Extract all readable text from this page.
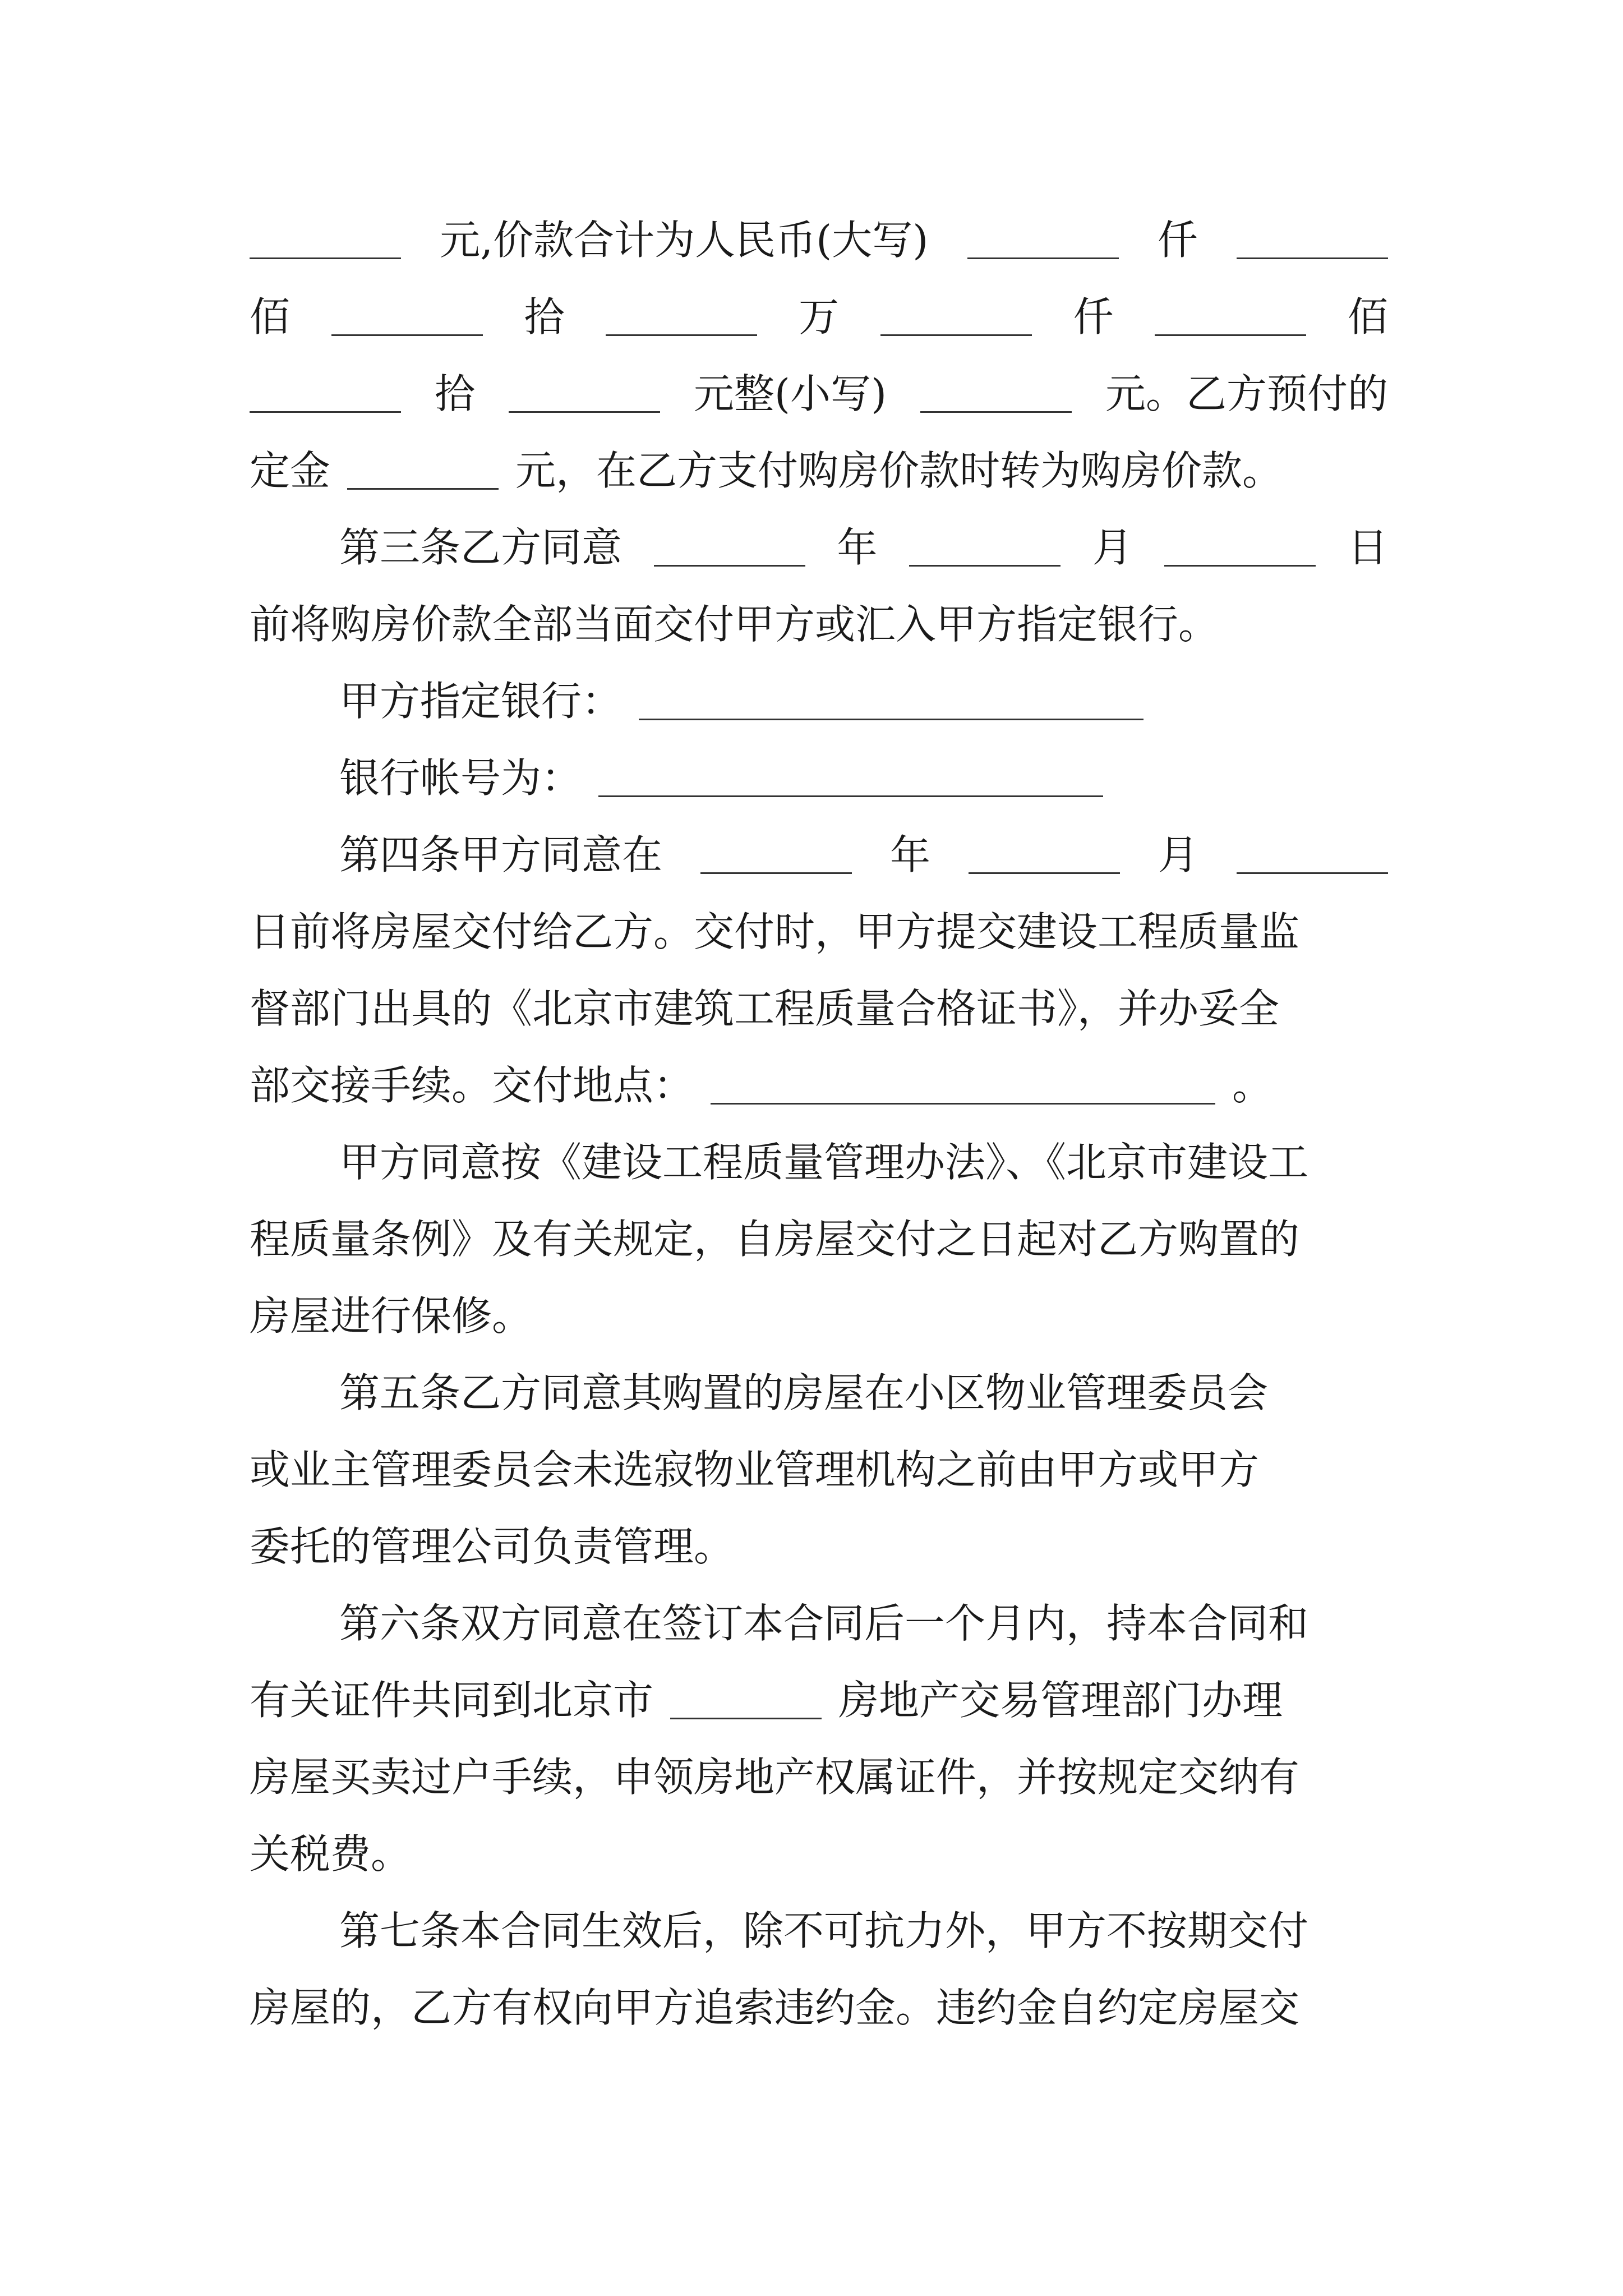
元,价款合计为人民币(大写)	仟
佰	拾	万	仟	佰
拾	元整(小写)	元。乙方预付的
定金	元，在乙方支付购房价款时转为购房价款。
第三条乙方同意	年	月	日
前将购房价款全部当面交付甲方或汇入甲方指定银行。
甲方指定银行：
银行帐号为：
第四条甲方同意在	年	月
日前将房屋交付给乙方。交付时，甲方提交建设工程质量监
督部门出具的《北京市建筑工程质量合格证书》，并办妥全
部交接手续。交付地点：	。
甲方同意按《建设工程质量管理办法》、《北京市建设工
程质量条例》及有关规定，自房屋交付之日起对乙方购置的
房屋进行保修。
第五条乙方同意其购置的房屋在小区物业管理委员会
或业主管理委员会未选寂物业管理机构之前由甲方或甲方
委托的管理公司负责管理。
第六条双方同意在签订本合同后一个月内，持本合同和
有关证件共同到北京市	房地产交易管理部门办理
房屋买卖过户手续，申领房地产权属证件，并按规定交纳有
关税费。
第七条本合同生效后，除不可抗力外，甲方不按期交付
房屋的，乙方有权向甲方追索违约金。违约金自约定房屋交
